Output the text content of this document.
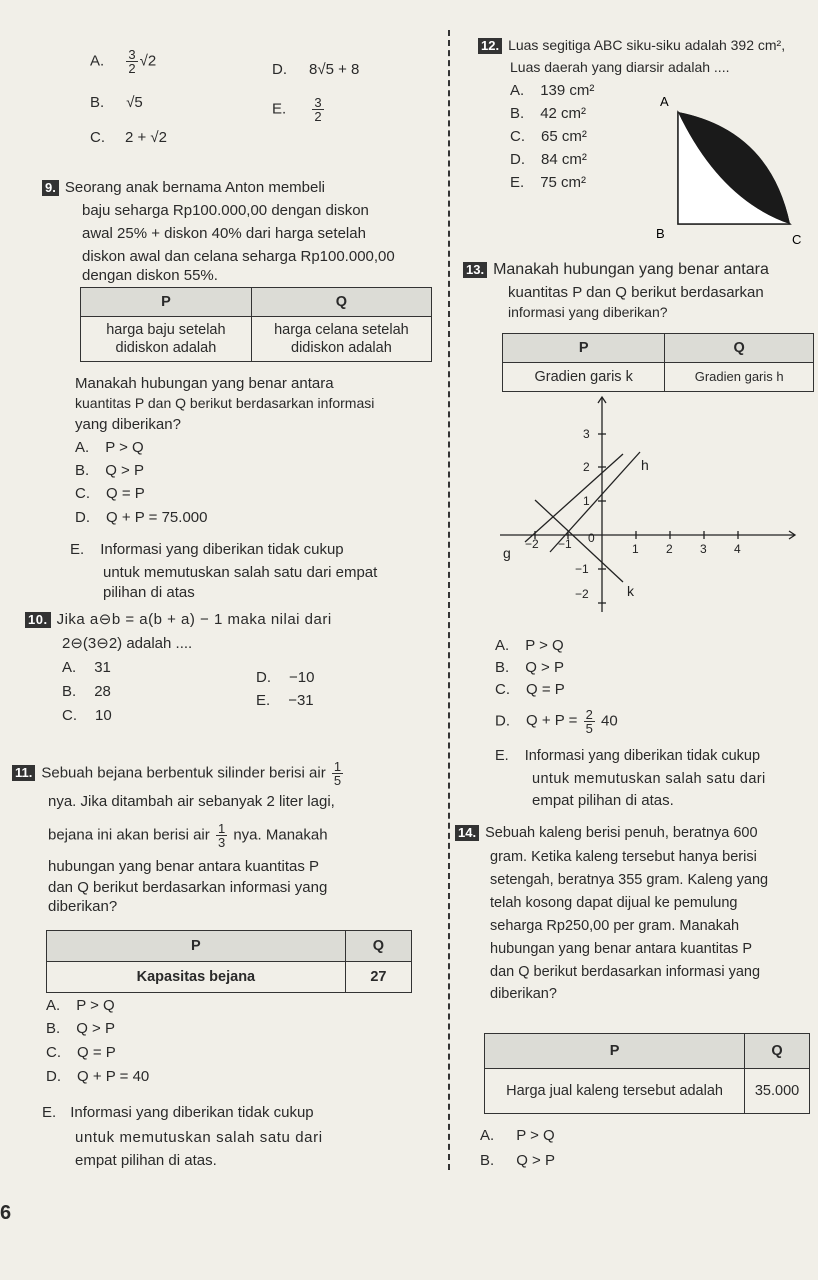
A. $\frac{3}{2} √2$
B. √5
C. 2 + √2
D. 8√5 + 8
E. $\frac{3}{2}$
9. Seorang anak bernama Anton membeli
baju seharga Rp100.000,00 dengan diskon
awal 25% + diskon 40% dari harga setelah
diskon awal dan celana seharga Rp100.000,00
dengan diskon 55%.
P	Q
harga baju setelah didiskon adalah	harga celana setelah didiskon adalah
Manakah hubungan yang benar antara
kuantitas P dan Q berikut berdasarkan informasi
yang diberikan?
A. P > Q
B. Q > P
C. Q = P
D. Q + P = 75.000
E. Informasi yang diberikan tidak cukup
untuk memutuskan salah satu dari empat
pilihan di atas
10. Jika a⊖b = a(b + a) − 1 maka nilai dari
2⊖(3⊖2) adalah ....
A. 31
B. 28
C. 10
D. −10
E. −31
11. Sebuah bejana berbentuk silinder berisi air $\frac{1}{5}$
nya. Jika ditambah air sebanyak 2 liter lagi,
bejana ini akan berisi air $\frac{1}{3}$ nya. Manakah
hubungan yang benar antara kuantitas P
dan Q berikut berdasarkan informasi yang
diberikan?
P	Q
Kapasitas bejana	27
A. P > Q
B. Q > P
C. Q = P
D. Q + P = 40
E. Informasi yang diberikan tidak cukup
untuk memutuskan salah satu dari
empat pilihan di atas.
6
12. Luas segitiga ABC siku-siku adalah 392 cm²,
Luas daerah yang diarsir adalah ....
A. 139 cm²
B. 42 cm²
C. 65 cm²
D. 84 cm²
E. 75 cm²
A
B	C
13. Manakah hubungan yang benar antara
kuantitas P dan Q berikut berdasarkan
informasi yang diberikan?
P	Q
Gradien garis k	Gradien garis h
−2 −1 0
1 2 3 4
3
2
1
−1
−2
h
k
g
A. P > Q
B. Q > P
C. Q = P
D. $Q + P = \frac{2}{5} 40$
E. Informasi yang diberikan tidak cukup
untuk memutuskan salah satu dari
empat pilihan di atas.
14. Sebuah kaleng berisi penuh, beratnya 600
gram. Ketika kaleng tersebut hanya berisi
setengah, beratnya 355 gram. Kaleng yang
telah kosong dapat dijual ke pemulung
seharga Rp250,00 per gram. Manakah
hubungan yang benar antara kuantitas P
dan Q berikut berdasarkan informasi yang
diberikan?
P	Q
Harga jual kaleng tersebut adalah	35.000
A. P > Q
B. Q > P
